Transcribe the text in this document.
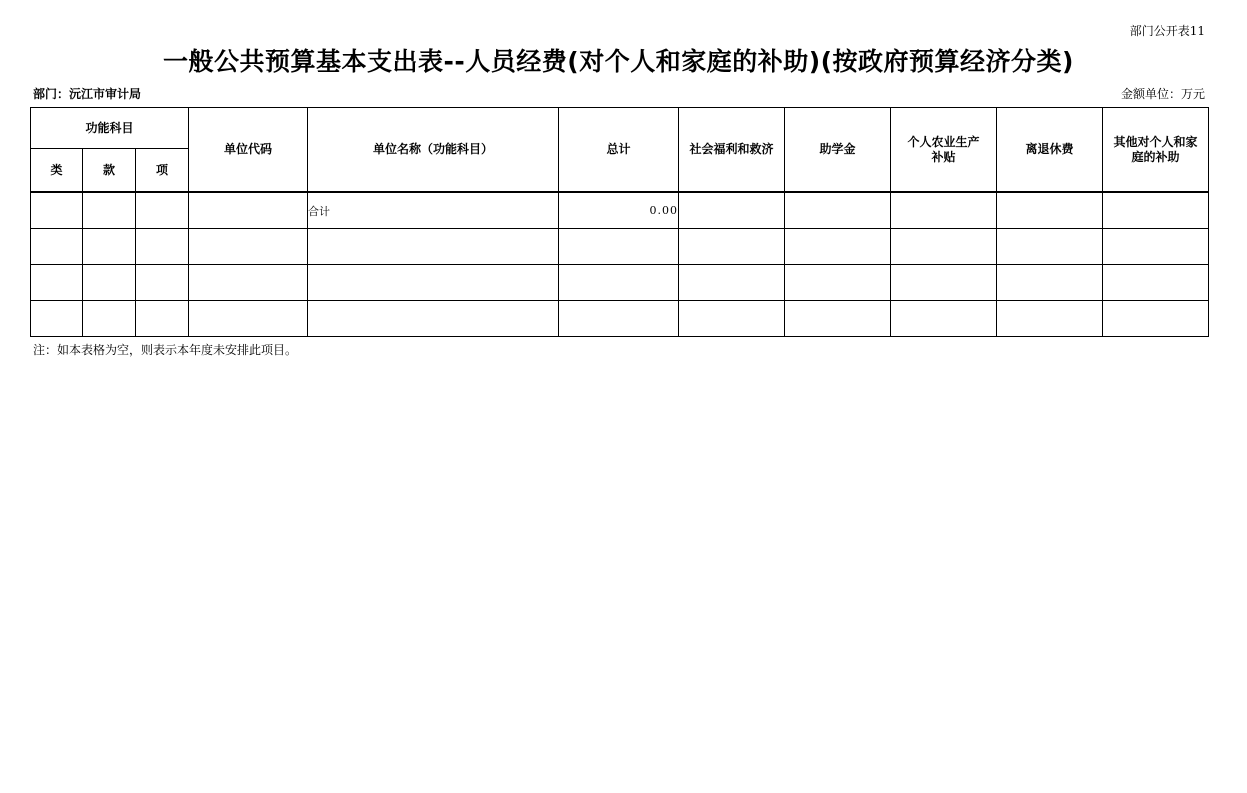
部门公开表11
一般公共预算基本支出表--人员经费(对个人和家庭的补助)(按政府预算经济分类)
部门：沅江市审计局	金额单位：万元
功能科目			单位代码	单位名称（功能科目）	总计	社会福利和救济	助学金	个人农业生产补贴	离退休费	其他对个人和家庭的补助
类	款	项								
				合计	0.00					

注：如本表格为空，则表示本年度未安排此项目。
